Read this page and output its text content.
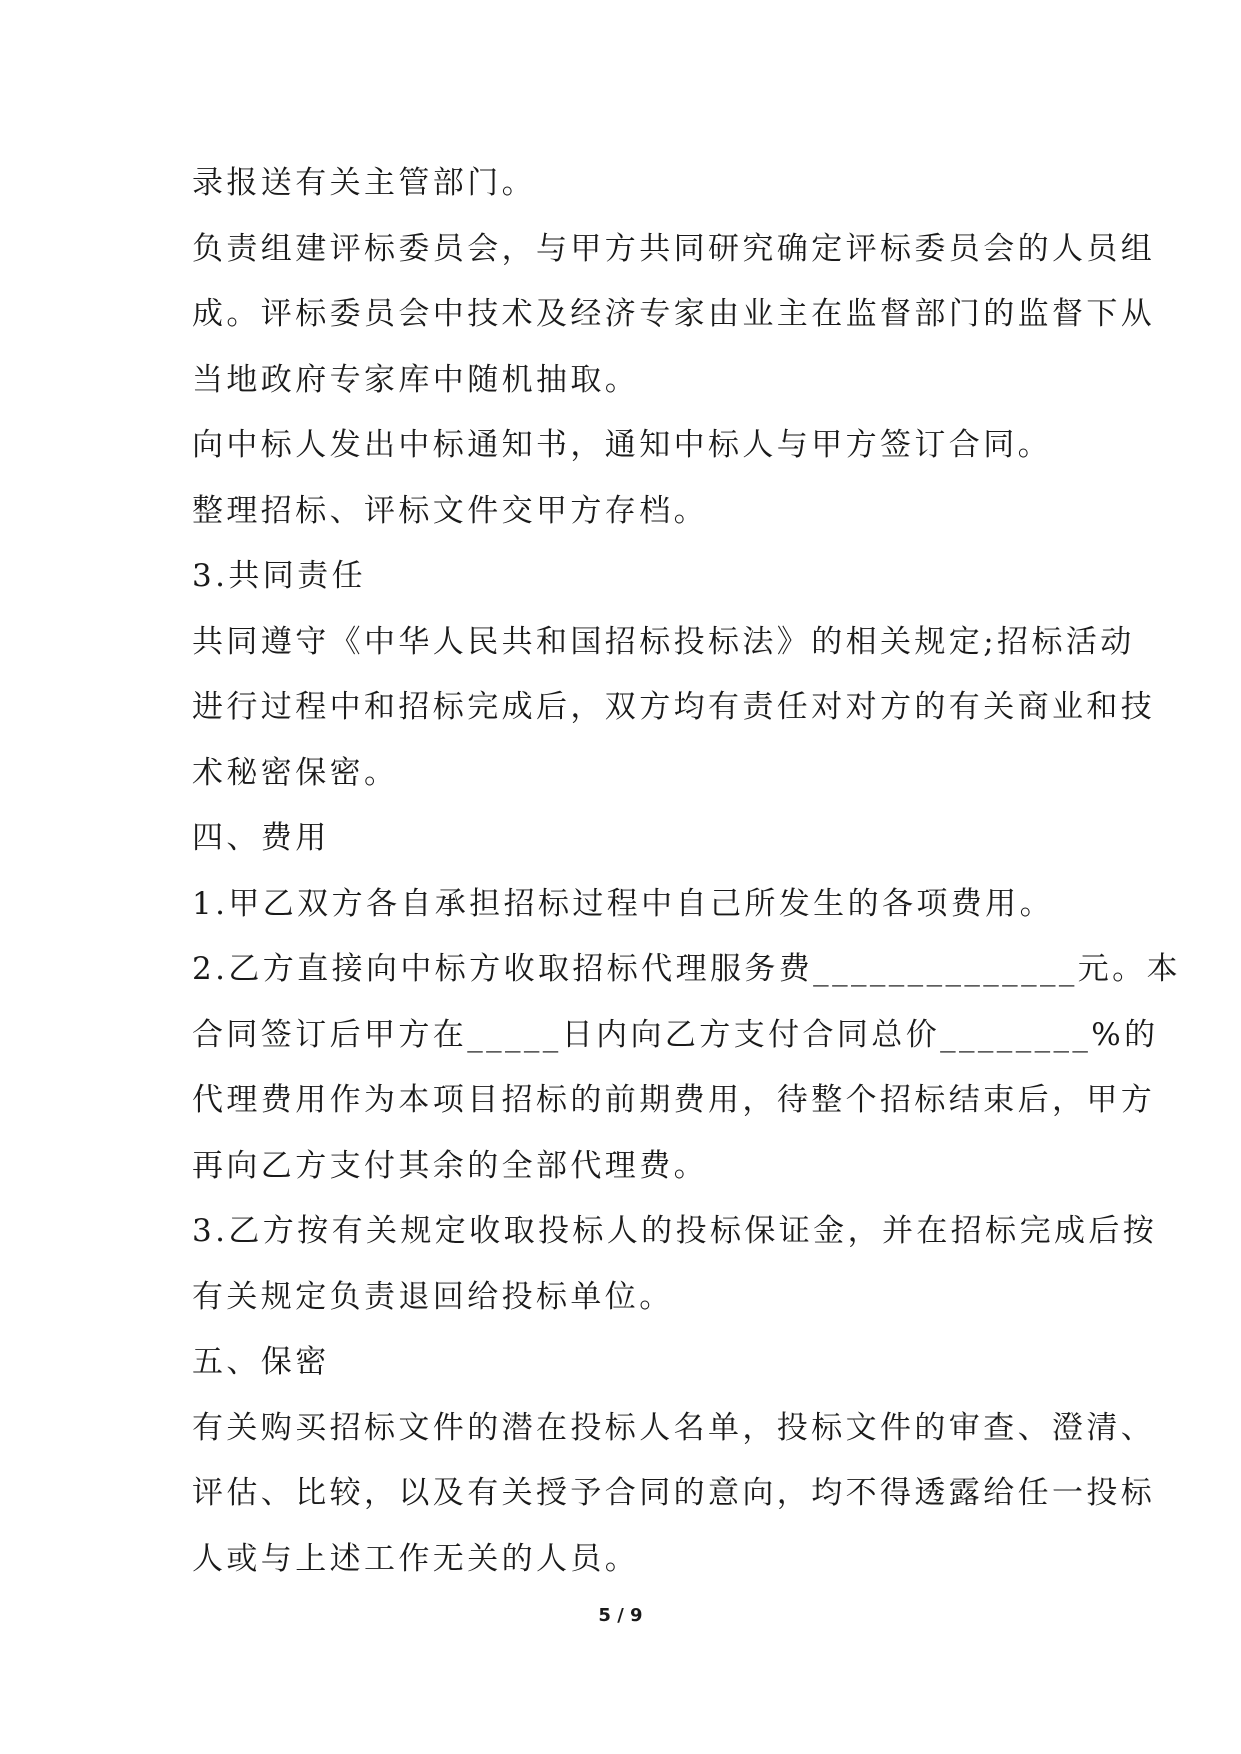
录报送有关主管部门。
负责组建评标委员会，与甲方共同研究确定评标委员会的人员组
成。评标委员会中技术及经济专家由业主在监督部门的监督下从
当地政府专家库中随机抽取。
向中标人发出中标通知书，通知中标人与甲方签订合同。
整理招标、评标文件交甲方存档。
3.共同责任
共同遵守《中华人民共和国招标投标法》的相关规定;招标活动
进行过程中和招标完成后，双方均有责任对对方的有关商业和技
术秘密保密。
四、费用
1.甲乙双方各自承担招标过程中自己所发生的各项费用。
2.乙方直接向中标方收取招标代理服务费______________元。本
合同签订后甲方在_____日内向乙方支付合同总价________%的
代理费用作为本项目招标的前期费用，待整个招标结束后，甲方
再向乙方支付其余的全部代理费。
3.乙方按有关规定收取投标人的投标保证金，并在招标完成后按
有关规定负责退回给投标单位。
五、保密
有关购买招标文件的潜在投标人名单，投标文件的审查、澄清、
评估、比较，以及有关授予合同的意向，均不得透露给任一投标
人或与上述工作无关的人员。
5 / 9
